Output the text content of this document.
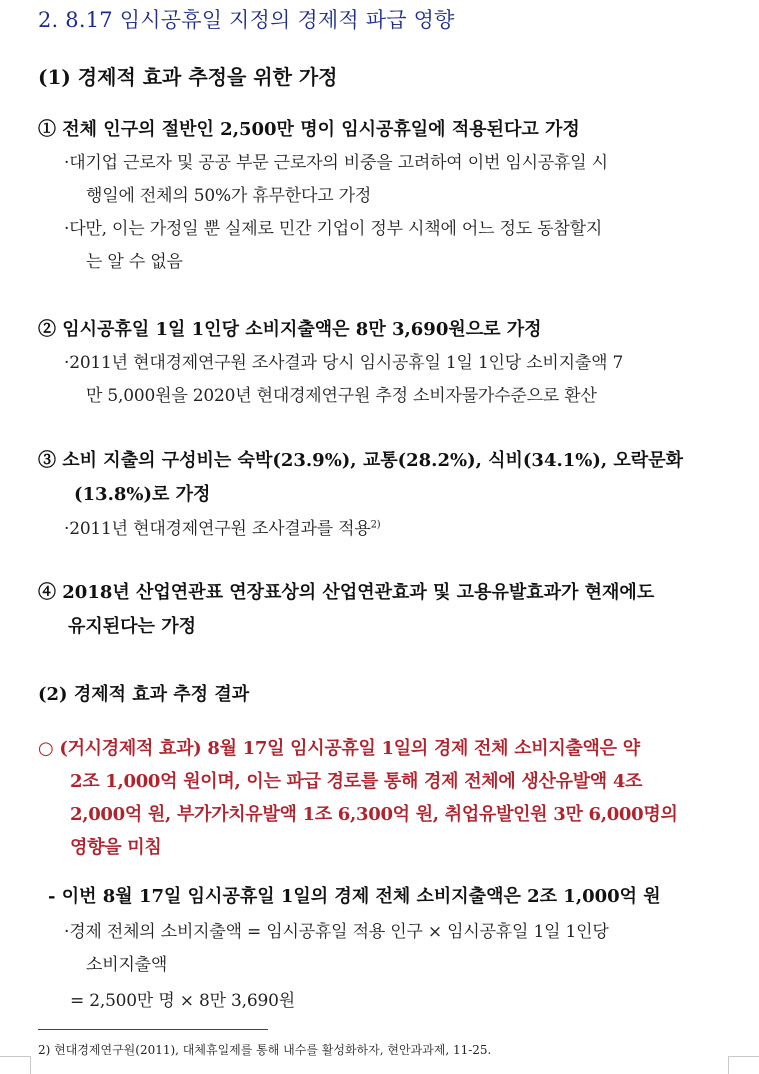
2. 8.17 임시공휴일 지정의 경제적 파급 영향
(1) 경제적 효과 추정을 위한 가정
① 전체 인구의 절반인 2,500만 명이 임시공휴일에 적용된다고 가정
·대기업 근로자 및 공공 부문 근로자의 비중을 고려하여 이번 임시공휴일 시
행일에 전체의 50%가 휴무한다고 가정
·다만, 이는 가정일 뿐 실제로 민간 기업이 정부 시책에 어느 정도 동참할지
는 알 수 없음
② 임시공휴일 1일 1인당 소비지출액은 8만 3,690원으로 가정
·2011년 현대경제연구원 조사결과 당시 임시공휴일 1일 1인당 소비지출액 7
만 5,000원을 2020년 현대경제연구원 추정 소비자물가수준으로 환산
③ 소비 지출의 구성비는 숙박(23.9%), 교통(28.2%), 식비(34.1%), 오락문화
(13.8%)로 가정
·2011년 현대경제연구원 조사결과를 적용$^{2)}$
④ 2018년 산업연관표 연장표상의 산업연관효과 및 고용유발효과가 현재에도
유지된다는 가정
(2) 경제적 효과 추정 결과
○ (거시경제적 효과) 8월 17일 임시공휴일 1일의 경제 전체 소비지출액은 약
2조 1,000억 원이며, 이는 파급 경로를 통해 경제 전체에 생산유발액 4조
2,000억 원, 부가가치유발액 1조 6,300억 원, 취업유발인원 3만 6,000명의
영향을 미침
- 이번 8월 17일 임시공휴일 1일의 경제 전체 소비지출액은 2조 1,000억 원
·경제 전체의 소비지출액 = 임시공휴일 적용 인구 × 임시공휴일 1일 1인당
소비지출액
= 2,500만 명 × 8만 3,690원
2) 현대경제연구원(2011), 대체휴일제를 통해 내수를 활성화하자, 현안과과제, 11-25.
